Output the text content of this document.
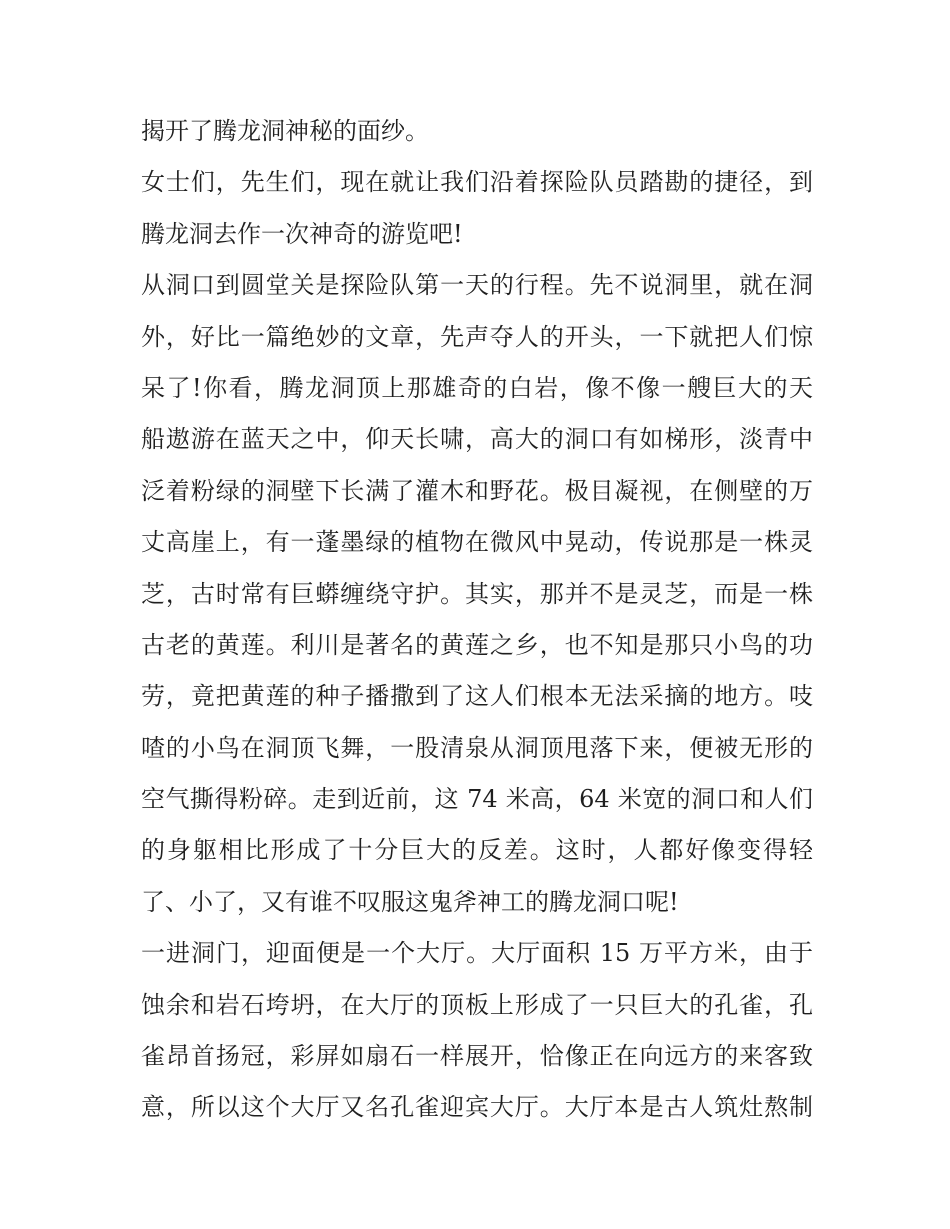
揭开了腾龙洞神秘的面纱。
女士们，先生们，现在就让我们沿着探险队员踏勘的捷径，到
腾龙洞去作一次神奇的游览吧!
从洞口到圆堂关是探险队第一天的行程。先不说洞里，就在洞
外，好比一篇绝妙的文章，先声夺人的开头，一下就把人们惊
呆了!你看，腾龙洞顶上那雄奇的白岩，像不像一艘巨大的天
船遨游在蓝天之中，仰天长啸，高大的洞口有如梯形，淡青中
泛着粉绿的洞壁下长满了灌木和野花。极目凝视，在侧壁的万
丈高崖上，有一蓬墨绿的植物在微风中晃动，传说那是一株灵
芝，古时常有巨蟒缠绕守护。其实，那并不是灵芝，而是一株
古老的黄莲。利川是著名的黄莲之乡，也不知是那只小鸟的功
劳，竟把黄莲的种子播撒到了这人们根本无法采摘的地方。吱
喳的小鸟在洞顶飞舞，一股清泉从洞顶甩落下来，便被无形的
空气撕得粉碎。走到近前，这 74 米高，64 米宽的洞口和人们
的身躯相比形成了十分巨大的反差。这时，人都好像变得轻
了、小了，又有谁不叹服这鬼斧神工的腾龙洞口呢!
一进洞门，迎面便是一个大厅。大厅面积 15 万平方米，由于
蚀余和岩石垮坍，在大厅的顶板上形成了一只巨大的孔雀，孔
雀昂首扬冠，彩屏如扇石一样展开，恰像正在向远方的来客致
意，所以这个大厅又名孔雀迎宾大厅。大厅本是古人筑灶熬制
